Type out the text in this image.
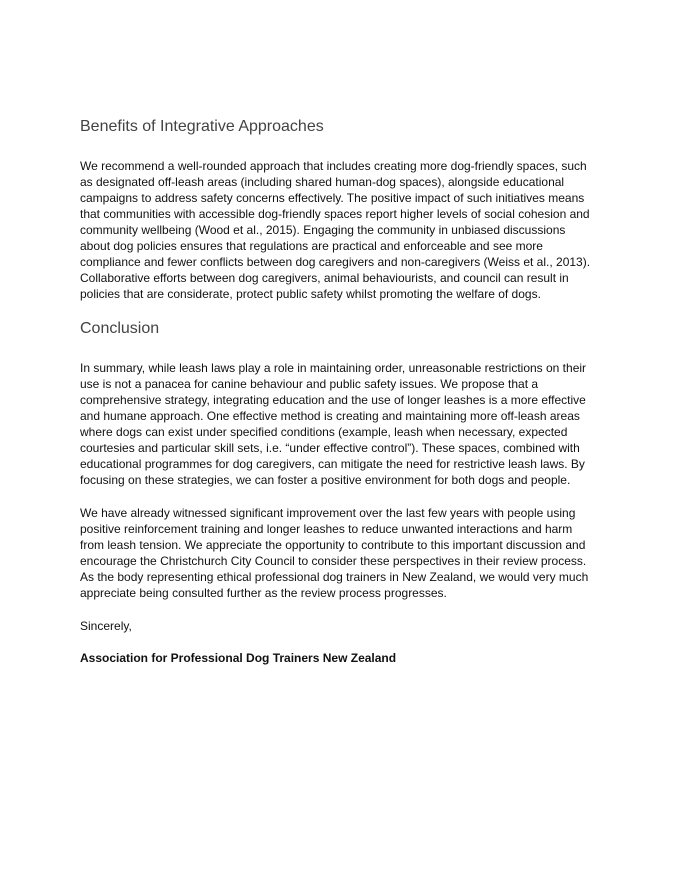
Benefits of Integrative Approaches
We recommend a well-rounded approach that includes creating more dog-friendly spaces, such
as designated off-leash areas (including shared human-dog spaces), alongside educational
campaigns to address safety concerns effectively. The positive impact of such initiatives means
that communities with accessible dog-friendly spaces report higher levels of social cohesion and
community wellbeing (Wood et al., 2015). Engaging the community in unbiased discussions
about dog policies ensures that regulations are practical and enforceable and see more
compliance and fewer conflicts between dog caregivers and non-caregivers (Weiss et al., 2013).
Collaborative efforts between dog caregivers, animal behaviourists, and council can result in
policies that are considerate, protect public safety whilst promoting the welfare of dogs.
Conclusion
In summary, while leash laws play a role in maintaining order, unreasonable restrictions on their
use is not a panacea for canine behaviour and public safety issues. We propose that a
comprehensive strategy, integrating education and the use of longer leashes is a more effective
and humane approach. One effective method is creating and maintaining more off-leash areas
where dogs can exist under specified conditions (example, leash when necessary, expected
courtesies and particular skill sets, i.e. “under effective control”). These spaces, combined with
educational programmes for dog caregivers, can mitigate the need for restrictive leash laws. By
focusing on these strategies, we can foster a positive environment for both dogs and people.
We have already witnessed significant improvement over the last few years with people using
positive reinforcement training and longer leashes to reduce unwanted interactions and harm
from leash tension. We appreciate the opportunity to contribute to this important discussion and
encourage the Christchurch City Council to consider these perspectives in their review process.
As the body representing ethical professional dog trainers in New Zealand, we would very much
appreciate being consulted further as the review process progresses.

Sincerely,

Association for Professional Dog Trainers New Zealand
